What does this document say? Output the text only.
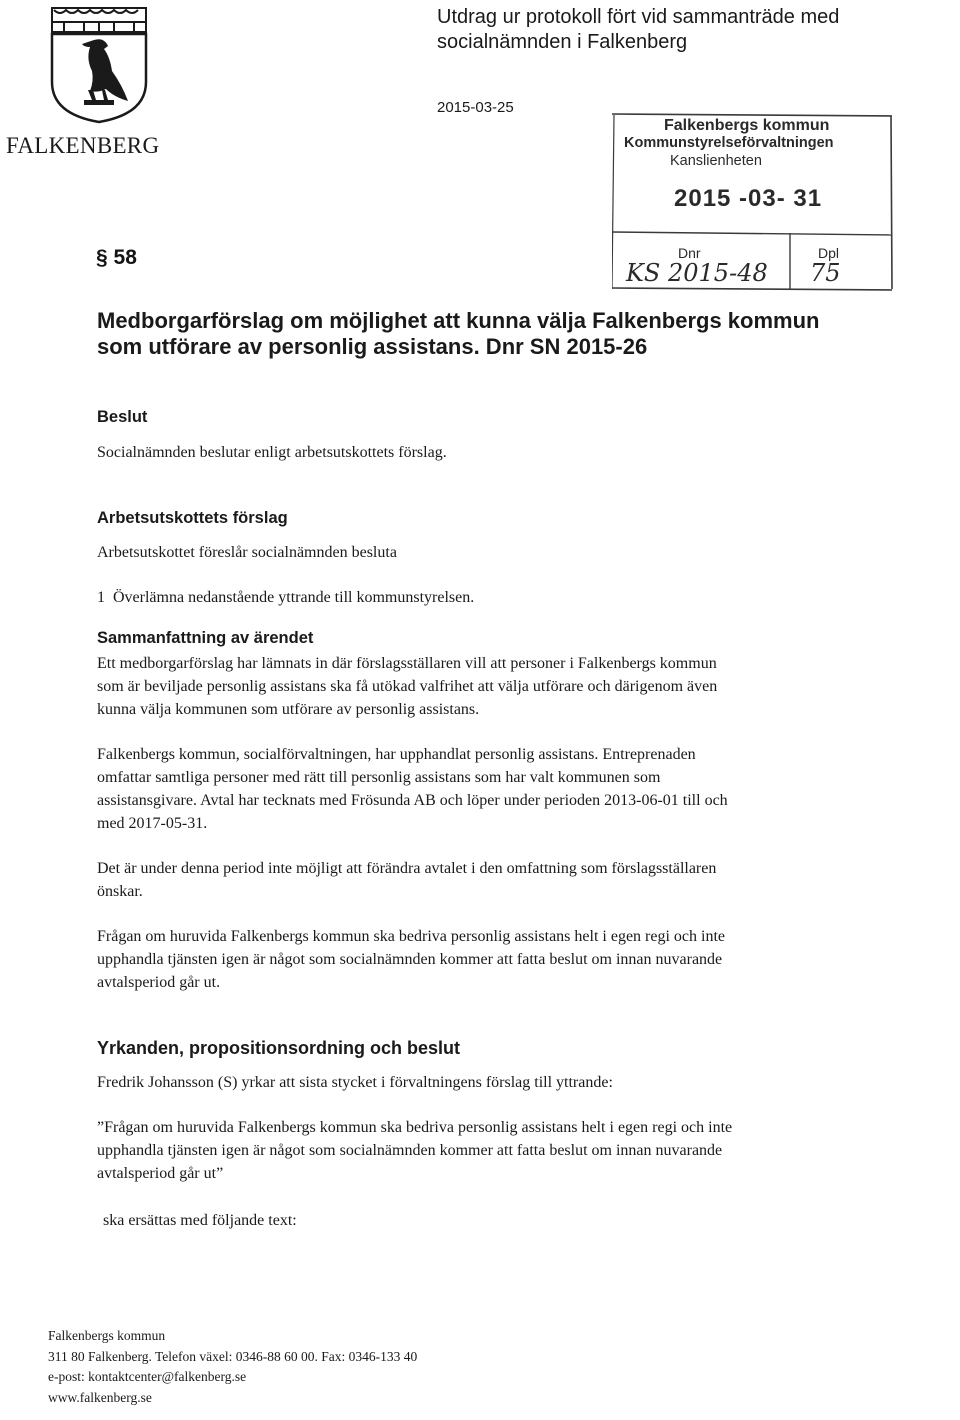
FALKENBERG
Utdrag ur protokoll fört vid sammanträde med
socialnämnden i Falkenberg
2015-03-25
Falkenbergs kommun
Kommunstyrelseförvaltningen
Kanslienheten
2015 -03- 31
Dnr	Dpl
KS 2015-48 75
§ 58
Medborgarförslag om möjlighet att kunna välja Falkenbergs kommun
som utförare av personlig assistans. Dnr SN 2015-26
Beslut
Socialnämnden beslutar enligt arbetsutskottets förslag.
Arbetsutskottets förslag
Arbetsutskottet föreslår socialnämnden besluta
1 Överlämna nedanstående yttrande till kommunstyrelsen.
Sammanfattning av ärendet
Ett medborgarförslag har lämnats in där förslagsställaren vill att personer i Falkenbergs kommun
som är beviljade personlig assistans ska få utökad valfrihet att välja utförare och därigenom även
kunna välja kommunen som utförare av personlig assistans.
Falkenbergs kommun, socialförvaltningen, har upphandlat personlig assistans. Entreprenaden
omfattar samtliga personer med rätt till personlig assistans som har valt kommunen som
assistansgivare. Avtal har tecknats med Frösunda AB och löper under perioden 2013-06-01 till och
med 2017-05-31.
Det är under denna period inte möjligt att förändra avtalet i den omfattning som förslagsställaren
önskar.
Frågan om huruvida Falkenbergs kommun ska bedriva personlig assistans helt i egen regi och inte
upphandla tjänsten igen är något som socialnämnden kommer att fatta beslut om innan nuvarande
avtalsperiod går ut.
Yrkanden, propositionsordning och beslut
Fredrik Johansson (S) yrkar att sista stycket i förvaltningens förslag till yttrande:
”Frågan om huruvida Falkenbergs kommun ska bedriva personlig assistans helt i egen regi och inte
upphandla tjänsten igen är något som socialnämnden kommer att fatta beslut om innan nuvarande
avtalsperiod går ut”
ska ersättas med följande text:
Falkenbergs kommun
311 80 Falkenberg. Telefon växel: 0346-88 60 00. Fax: 0346-133 40
e-post: kontaktcenter@falkenberg.se
www.falkenberg.se
